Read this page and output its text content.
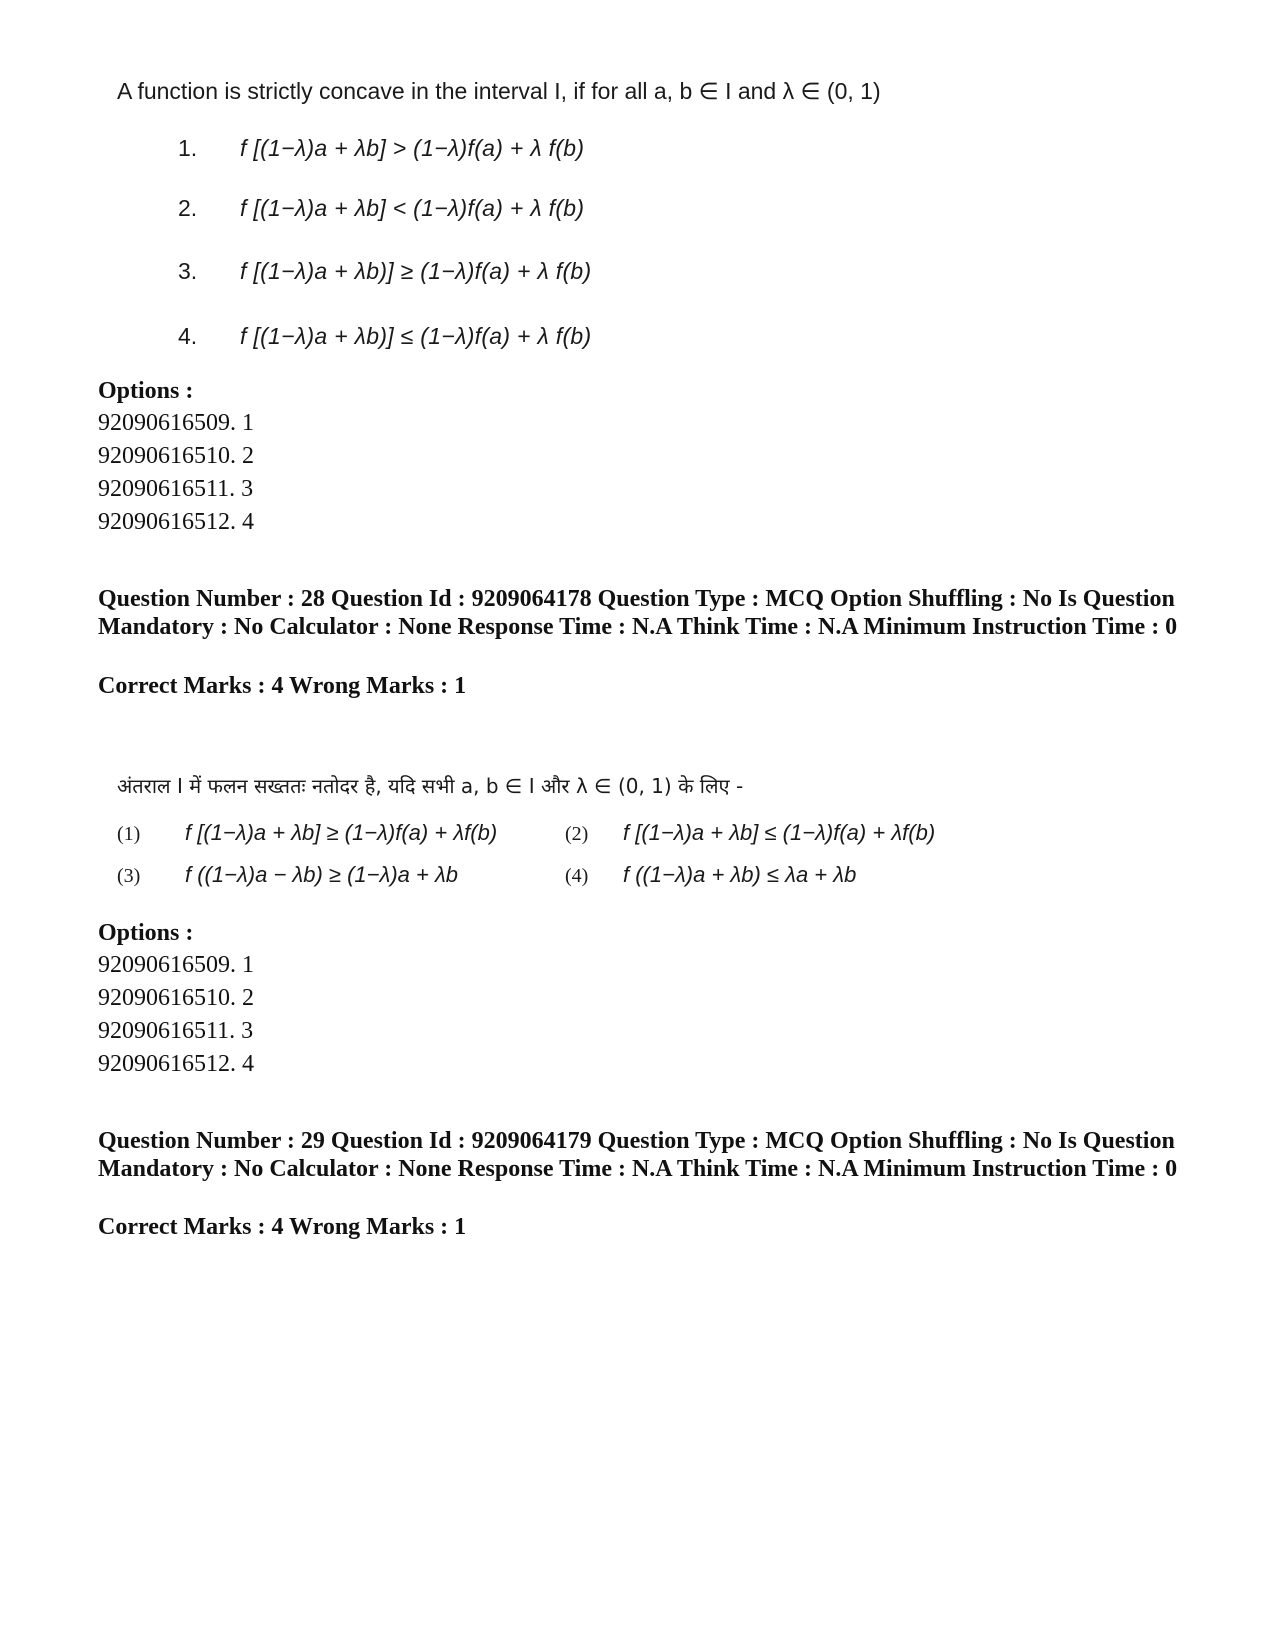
A function is strictly concave in the interval I, if for all a, b ∈ I and λ ∈ (0, 1)
1. f [(1−λ)a + λb] > (1−λ)f(a) + λ f(b)
2. f [(1−λ)a + λb] < (1−λ)f(a) + λ f(b)
3. f [(1−λ)a + λb)] ≥ (1−λ)f(a) + λ f(b)
4. f [(1−λ)a + λb)] ≤ (1−λ)f(a) + λ f(b)
Options :
92090616509. 1
92090616510. 2
92090616511. 3
92090616512. 4
Question Number : 28 Question Id : 9209064178 Question Type : MCQ Option Shuffling : No Is Question Mandatory : No Calculator : None Response Time : N.A Think Time : N.A Minimum Instruction Time : 0
Correct Marks : 4 Wrong Marks : 1
अंतराल I में फलन सख्ततः नतोदर है, यदि सभी a, b ∈ I और λ ∈ (0, 1) के लिए -
(1) f [(1−λ)a + λb] ≥ (1−λ)f(a) + λf(b)	(2) f [(1−λ)a + λb] ≤ (1−λ)f(a) + λf(b)
(3) f ((1−λ)a − λb) ≥ (1−λ)a + λb	(4) f ((1−λ)a + λb) ≤ λa + λb
Options :
92090616509. 1
92090616510. 2
92090616511. 3
92090616512. 4
Question Number : 29 Question Id : 9209064179 Question Type : MCQ Option Shuffling : No Is Question Mandatory : No Calculator : None Response Time : N.A Think Time : N.A Minimum Instruction Time : 0
Correct Marks : 4 Wrong Marks : 1
